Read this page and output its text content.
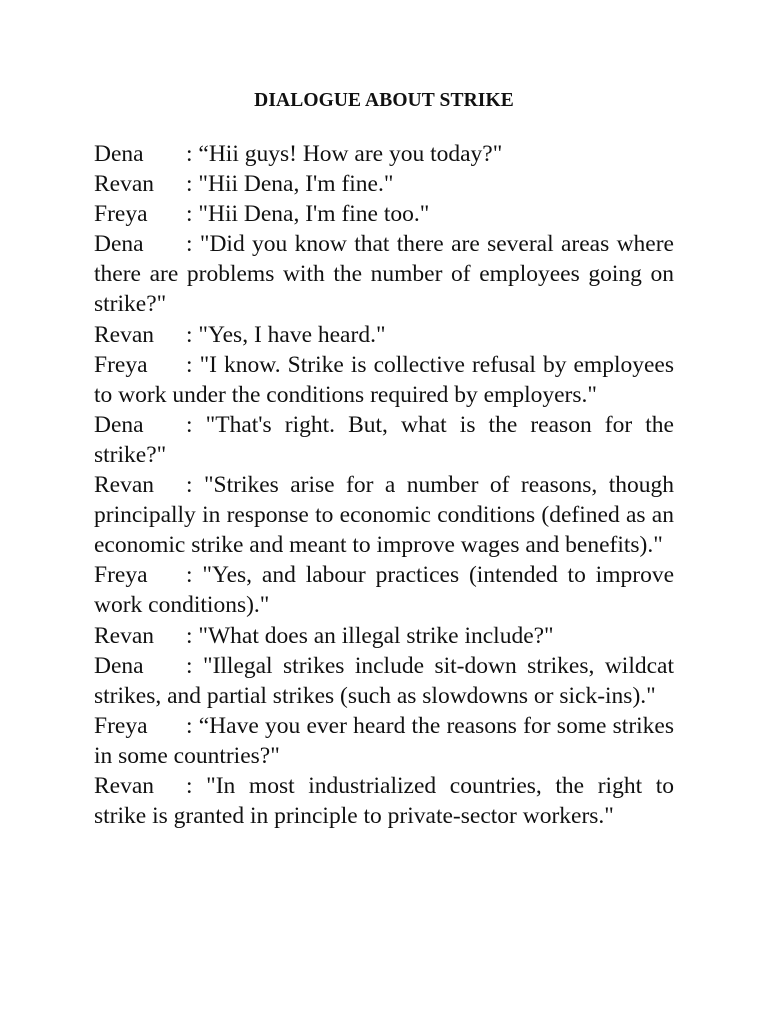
DIALOGUE ABOUT STRIKE

Dena : “Hii guys! How are you today?"

Revan : "Hii Dena, I'm fine."

Freya : "Hii Dena, I'm fine too."

Dena : "Did you know that there are several areas where there are problems with the number of employees going on strike?"

Revan : "Yes, I have heard."

Freya : "I know. Strike is collective refusal by employees to work under the conditions required by employers."

Dena : "That's right. But, what is the reason for the strike?"

Revan : "Strikes arise for a number of reasons, though principally in response to economic conditions (defined as an economic strike and meant to improve wages and benefits)."

Freya : "Yes, and labour practices (intended to improve work conditions)."

Revan : "What does an illegal strike include?"

Dena : "Illegal strikes include sit-down strikes, wildcat strikes, and partial strikes (such as slowdowns or sick-ins)."

Freya : “Have you ever heard the reasons for some strikes in some countries?"

Revan : "In most industrialized countries, the right to strike is granted in principle to private-sector workers."
